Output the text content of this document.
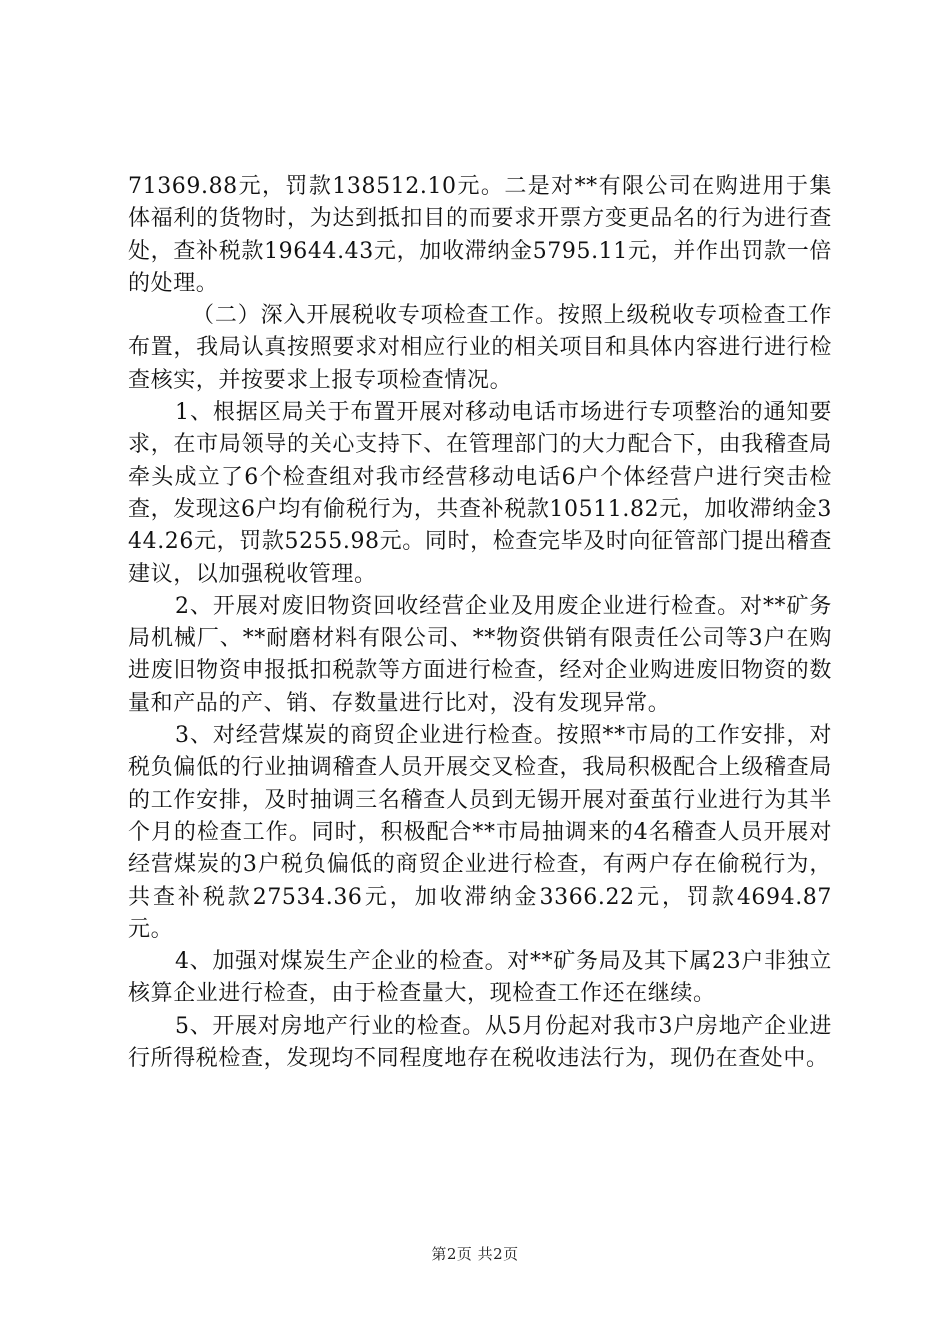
71369.88元，罚款138512.10元。二是对**有限公司在购进用于集体福利的货物时，为达到抵扣目的而要求开票方变更品名的行为进行查处，查补税款19644.43元，加收滞纳金5795.11元，并作出罚款一倍的处理。

（二）深入开展税收专项检查工作。按照上级税收专项检查工作布置，我局认真按照要求对相应行业的相关项目和具体内容进行进行检查核实，并按要求上报专项检查情况。

1、根据区局关于布置开展对移动电话市场进行专项整治的通知要求，在市局领导的关心支持下、在管理部门的大力配合下，由我稽查局牵头成立了6个检查组对我市经营移动电话6户个体经营户进行突击检查，发现这6户均有偷税行为，共查补税款10511.82元，加收滞纳金344.26元，罚款5255.98元。同时，检查完毕及时向征管部门提出稽查建议，以加强税收管理。

2、开展对废旧物资回收经营企业及用废企业进行检查。对**矿务局机械厂、**耐磨材料有限公司、**物资供销有限责任公司等3户在购进废旧物资申报抵扣税款等方面进行检查，经对企业购进废旧物资的数量和产品的产、销、存数量进行比对，没有发现异常。

3、对经营煤炭的商贸企业进行检查。按照**市局的工作安排，对税负偏低的行业抽调稽查人员开展交叉检查，我局积极配合上级稽查局的工作安排，及时抽调三名稽查人员到无锡开展对蚕茧行业进行为其半个月的检查工作。同时，积极配合**市局抽调来的4名稽查人员开展对经营煤炭的3户税负偏低的商贸企业进行检查，有两户存在偷税行为，共查补税款27534.36元，加收滞纳金3366.22元，罚款4694.87元。

4、加强对煤炭生产企业的检查。对**矿务局及其下属23户非独立核算企业进行检查，由于检查量大，现检查工作还在继续。

5、开展对房地产行业的检查。从5月份起对我市3户房地产企业进行所得税检查，发现均不同程度地存在税收违法行为，现仍在查处中。

第2页 共2页
